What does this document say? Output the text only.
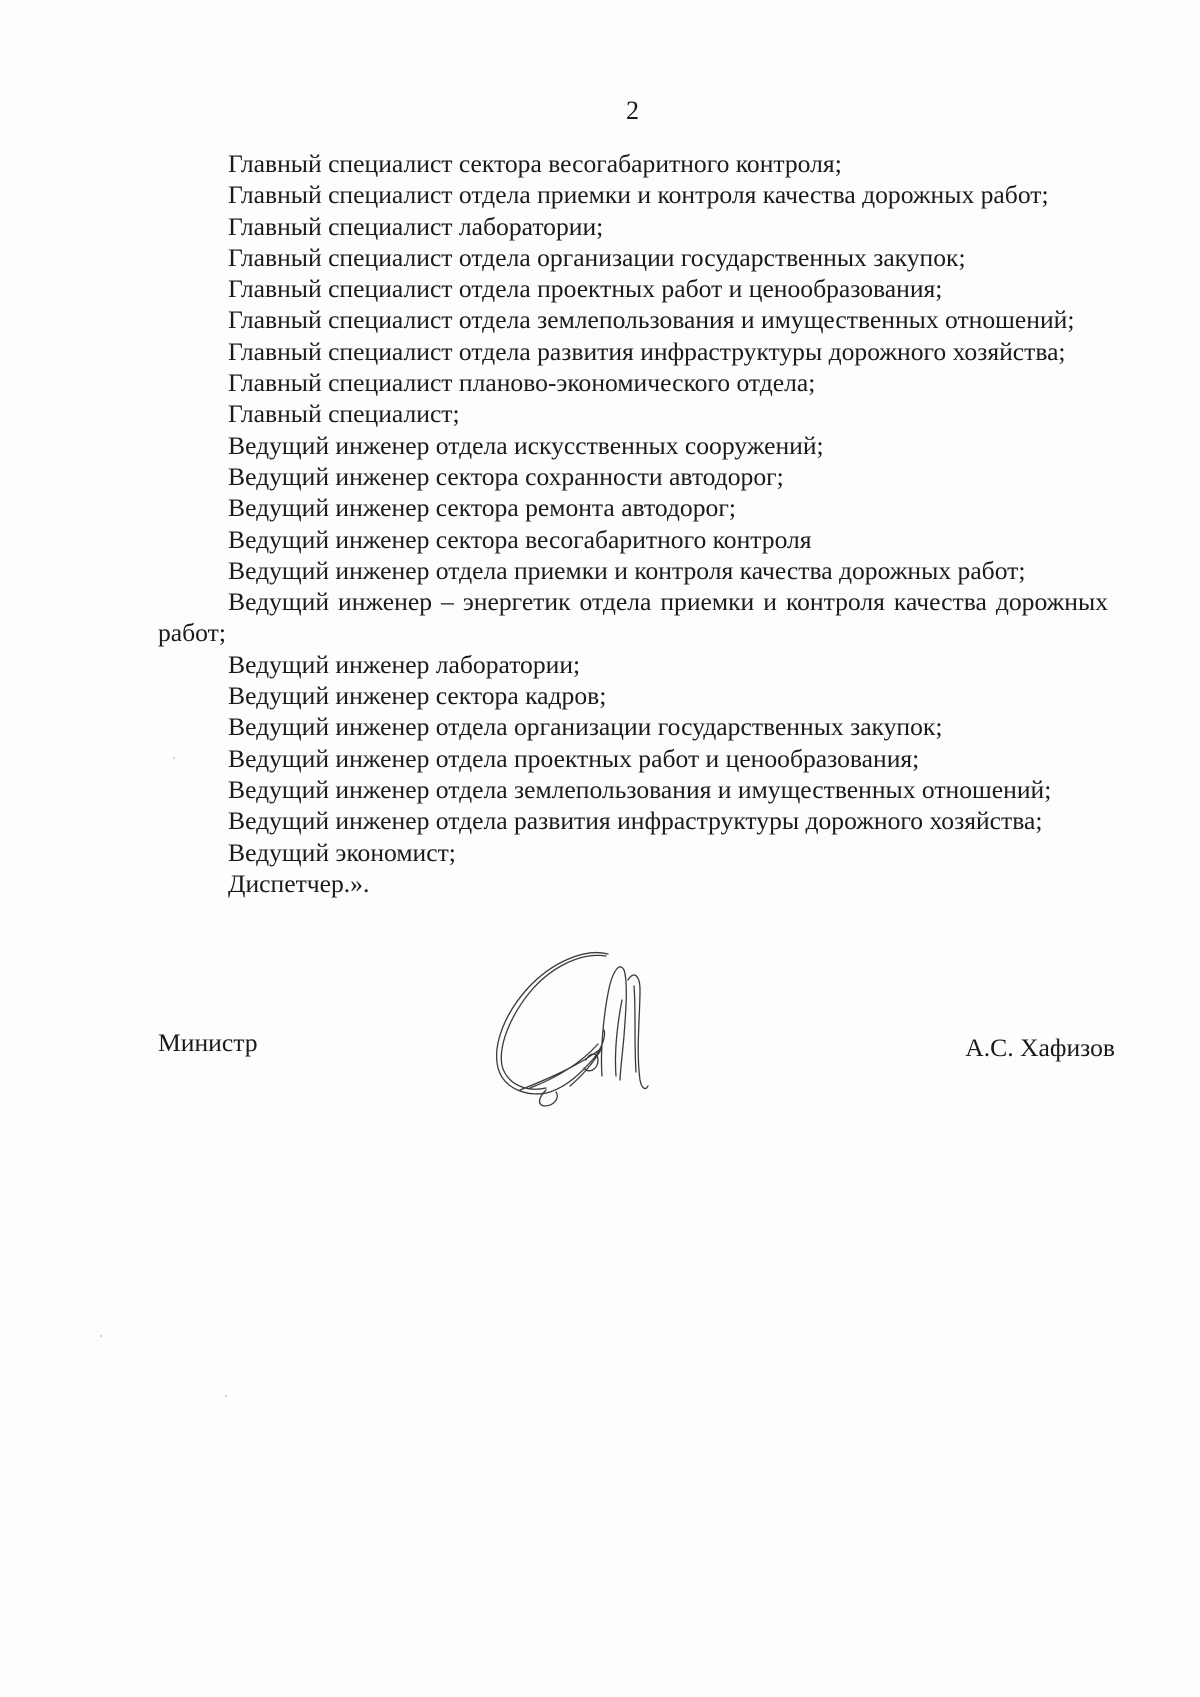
2

Главный специалист сектора весогабаритного контроля;

Главный специалист отдела приемки и контроля качества дорожных работ;

Главный специалист лаборатории;

Главный специалист отдела организации государственных закупок;

Главный специалист отдела проектных работ и ценообразования;

Главный специалист отдела землепользования и имущественных отношений;

Главный специалист отдела развития инфраструктуры дорожного хозяйства;

Главный специалист планово-экономического отдела;

Главный специалист;

Ведущий инженер отдела искусственных сооружений;

Ведущий инженер сектора сохранности автодорог;

Ведущий инженер сектора ремонта автодорог;

Ведущий инженер сектора весогабаритного контроля

Ведущий инженер отдела приемки и контроля качества дорожных работ;

Ведущий инженер – энергетик отдела приемки и контроля качества дорожных работ;

Ведущий инженер лаборатории;

Ведущий инженер сектора кадров;

Ведущий инженер отдела организации государственных закупок;

Ведущий инженер отдела проектных работ и ценообразования;

Ведущий инженер отдела землепользования и имущественных отношений;

Ведущий инженер отдела развития инфраструктуры дорожного хозяйства;

Ведущий экономист;

Диспетчер.».

Министр	А.С. Хафизов
